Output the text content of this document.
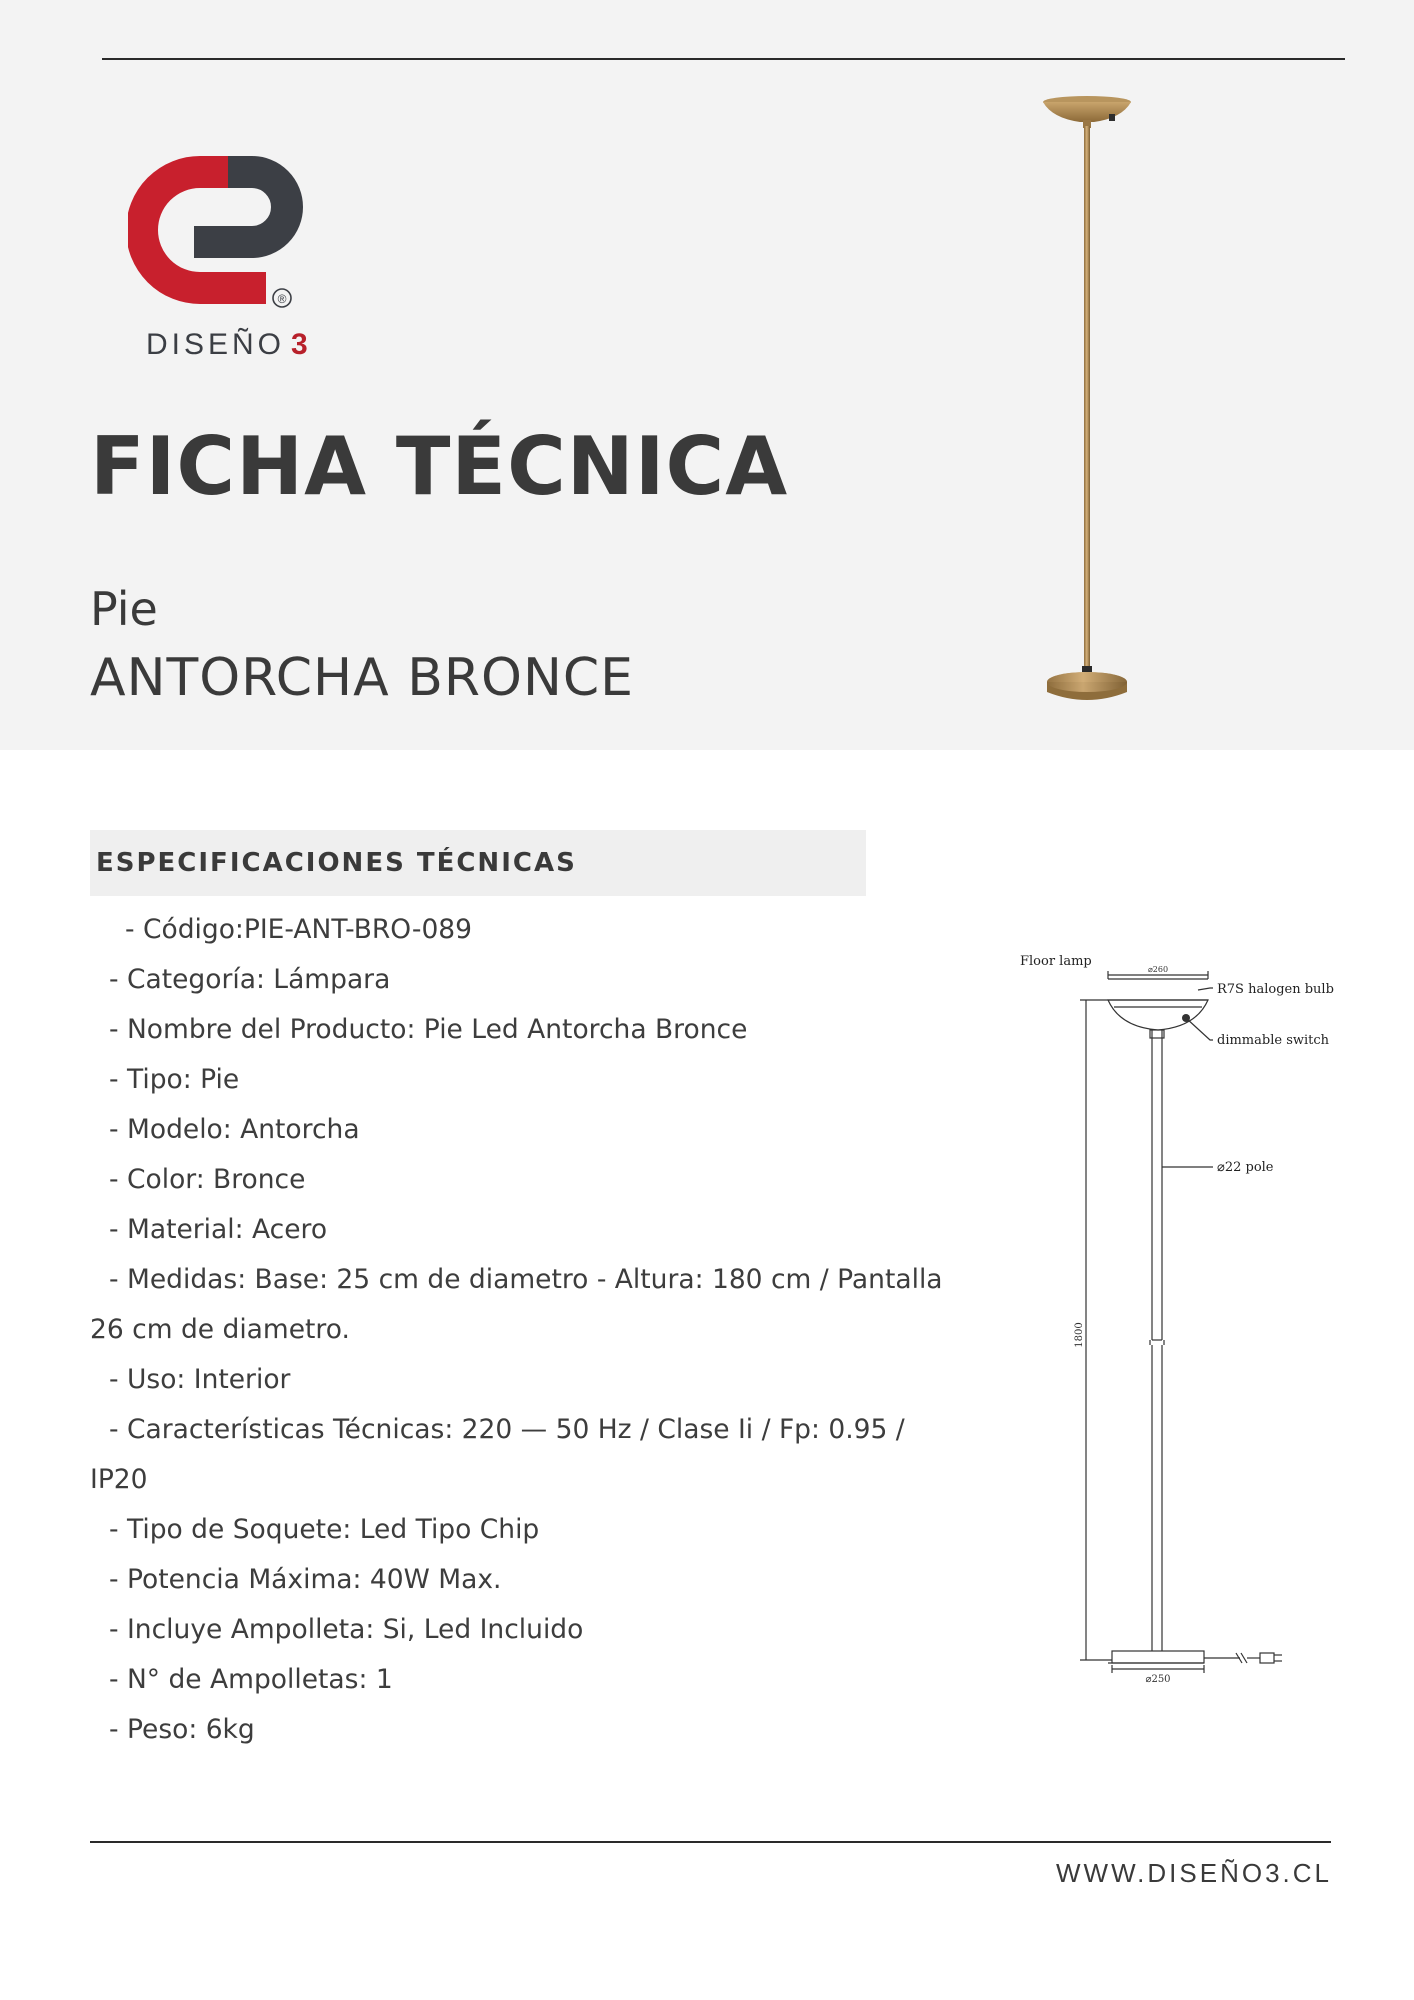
®
DISEÑO 3
FICHA TÉCNICA
Pie
ANTORCHA BRONCE
ESPECIFICACIONES TÉCNICAS
- Código:PIE-ANT-BRO-089
- Categoría: Lámpara
- Nombre del Producto: Pie Led Antorcha Bronce
- Tipo: Pie
- Modelo: Antorcha
- Color: Bronce
- Material: Acero
- Medidas: Base: 25 cm de diametro - Altura: 180 cm / Pantalla
26 cm de diametro.
- Uso: Interior
- Características Técnicas: 220 — 50 Hz / Clase Ii / Fp: 0.95 /
IP20
- Tipo de Soquete: Led Tipo Chip
- Potencia Máxima: 40W Max.
- Incluye Ampolleta: Si, Led Incluido
- N° de Ampolletas: 1
- Peso: 6kg
Floor lamp
⌀260
R7S halogen bulb
dimmable switch
⌀22 pole
1800
⌀250
WWW.DISEÑO3.CL
